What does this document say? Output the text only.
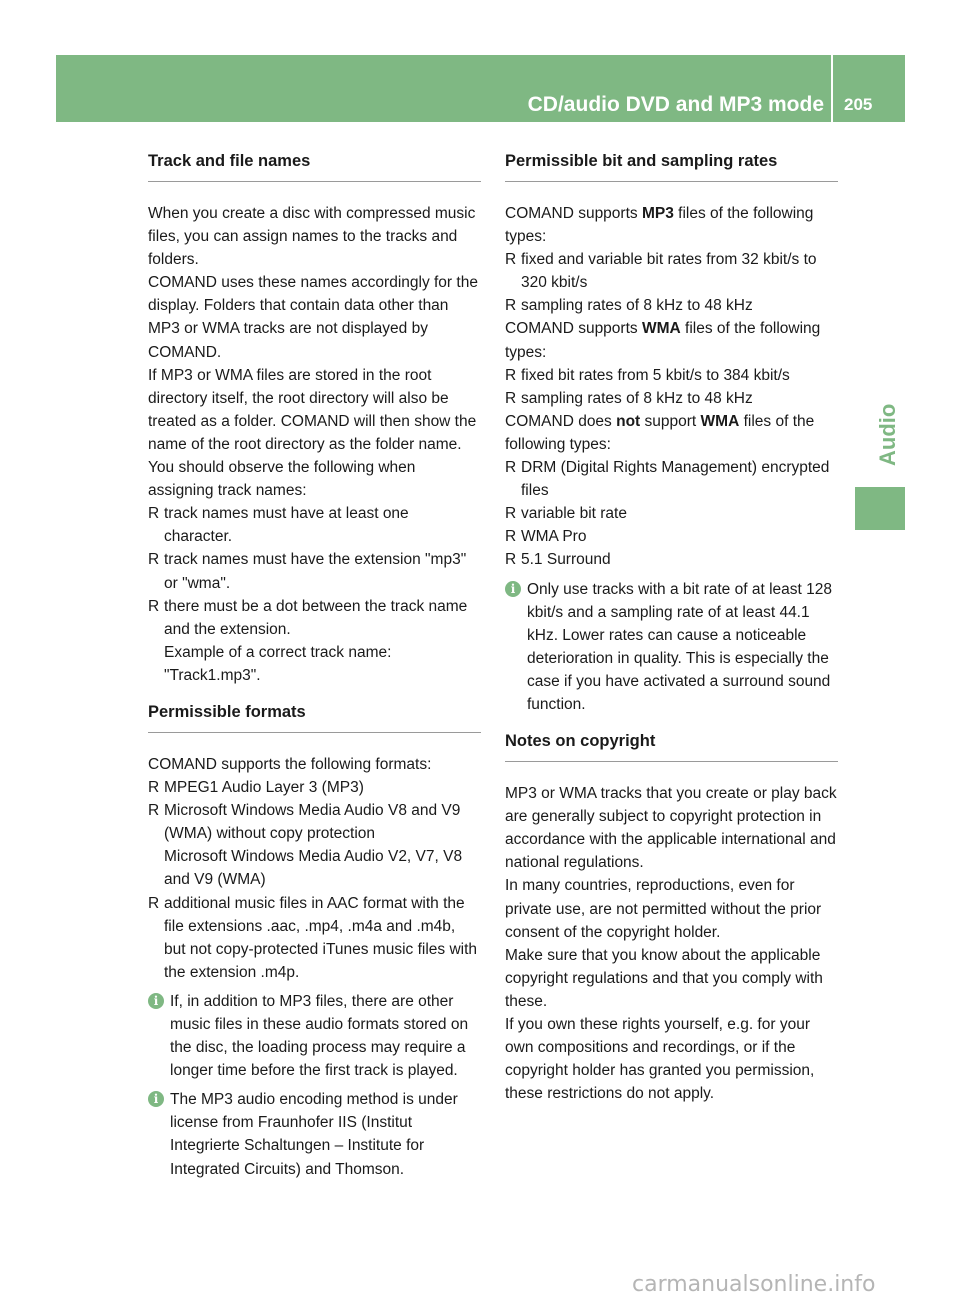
CD/audio DVD and MP3 mode 205
Audio
Track and file names

When you create a disc with compressed music files, you can assign names to the tracks and folders.

COMAND uses these names accordingly for the display. Folders that contain data other than MP3 or WMA tracks are not displayed by COMAND.

If MP3 or WMA files are stored in the root directory itself, the root directory will also be treated as a folder. COMAND will then show the name of the root directory as the folder name.

You should observe the following when assigning track names:

R track names must have at least one character.
R track names must have the extension "mp3" or "wma".
R there must be a dot between the track name and the extension.

Example of a correct track name: "Track1.mp3".

Permissible formats

COMAND supports the following formats:

R MPEG1 Audio Layer 3 (MP3)
R Microsoft Windows Media Audio V8 and V9 (WMA) without copy protection

Microsoft Windows Media Audio V2, V7, V8 and V9 (WMA)

R additional music files in AAC format with the file extensions .aac, .mp4, .m4a and .m4b, but not copy-protected iTunes music files with the extension .m4p.
i If, in addition to MP3 files, there are other music files in these audio formats stored on the disc, the loading process may require a longer time before the first track is played.
i The MP3 audio encoding method is under license from Fraunhofer IIS (Institut Integrierte Schaltungen – Institute for Integrated Circuits) and Thomson.
Permissible bit and sampling rates

COMAND supports MP3 files of the following types:

R fixed and variable bit rates from 32 kbit/s to 320 kbit/s
R sampling rates of 8 kHz to 48 kHz

COMAND supports WMA files of the following types:

R fixed bit rates from 5 kbit/s to 384 kbit/s
R sampling rates of 8 kHz to 48 kHz

COMAND does not support WMA files of the following types:

R DRM (Digital Rights Management) encrypted files
R variable bit rate
R WMA Pro
R 5.1 Surround
i Only use tracks with a bit rate of at least 128 kbit/s and a sampling rate of at least 44.1 kHz. Lower rates can cause a noticeable deterioration in quality. This is especially the case if you have activated a surround sound function.
Notes on copyright

MP3 or WMA tracks that you create or play back are generally subject to copyright protection in accordance with the applicable international and national regulations.

In many countries, reproductions, even for private use, are not permitted without the prior consent of the copyright holder.

Make sure that you know about the applicable copyright regulations and that you comply with these.

If you own these rights yourself, e.g. for your own compositions and recordings, or if the copyright holder has granted you permission, these restrictions do not apply.

carmanualsonline.info
